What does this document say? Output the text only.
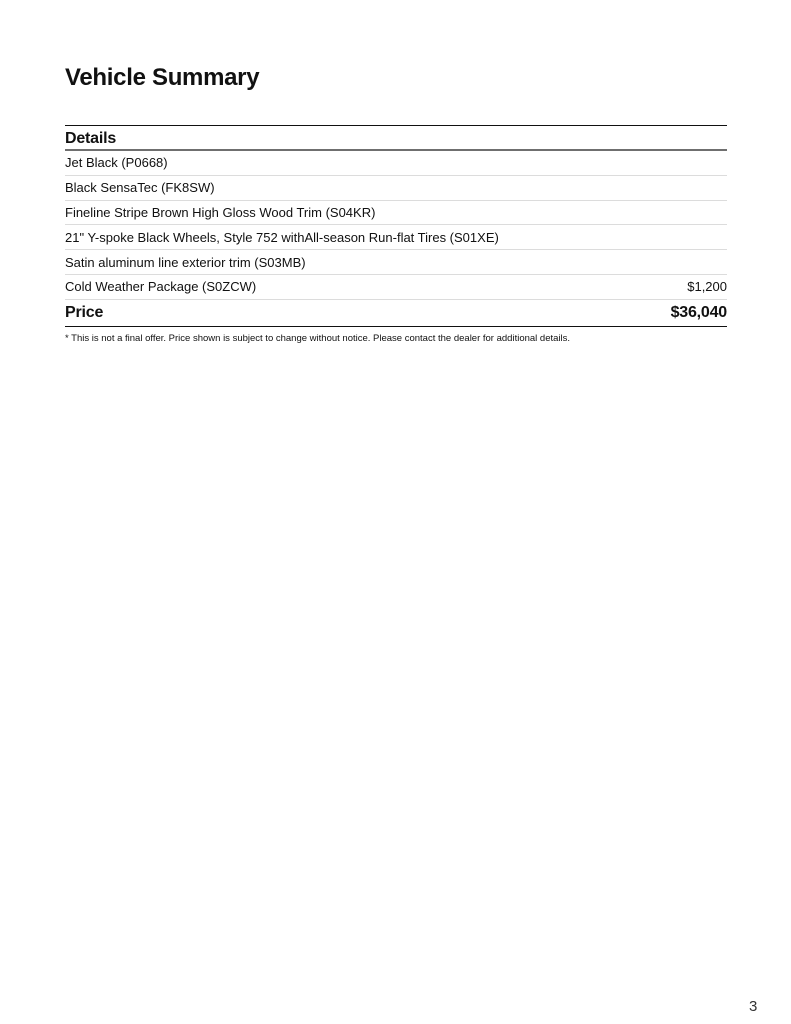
Vehicle Summary
Details
Jet Black (P0668)
Black SensaTec (FK8SW)
Fineline Stripe Brown High Gloss Wood Trim (S04KR)
21" Y-spoke Black Wheels, Style 752 withAll-season Run-flat Tires (S01XE)
Satin aluminum line exterior trim (S03MB)
Cold Weather Package (S0ZCW)	$1,200
Price	$36,040
* This is not a final offer. Price shown is subject to change without notice. Please contact the dealer for additional details.
3
